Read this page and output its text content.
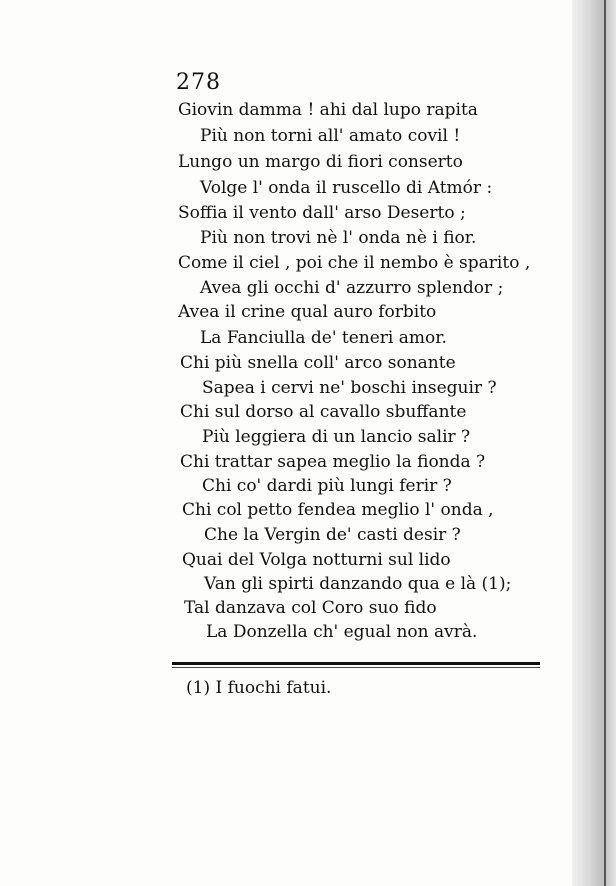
278
Giovin damma ! ahi dal lupo rapita
Più non torni all' amato covil !
Lungo un margo di fiori conserto
Volge l' onda il ruscello di Atmór :
Soffia il vento dall' arso Deserto ;
Più non trovi nè l' onda nè i fior.
Come il ciel , poi che il nembo è sparito ,
Avea gli occhi d' azzurro splendor ;
Avea il crine qual auro forbito
La Fanciulla de' teneri amor.
Chi più snella coll' arco sonante
Sapea i cervi ne' boschi inseguir ?
Chi sul dorso al cavallo sbuffante
Più leggiera di un lancio salir ?
Chi trattar sapea meglio la fionda ?
Chi co' dardi più lungi ferir ?
Chi col petto fendea meglio l' onda ,
Che la Vergin de' casti desir ?
Quai del Volga notturni sul lido
Van gli spirti danzando qua e là (1);
Tal danzava col Coro suo fido
La Donzella ch' egual non avrà.
(1) I fuochi fatui.
